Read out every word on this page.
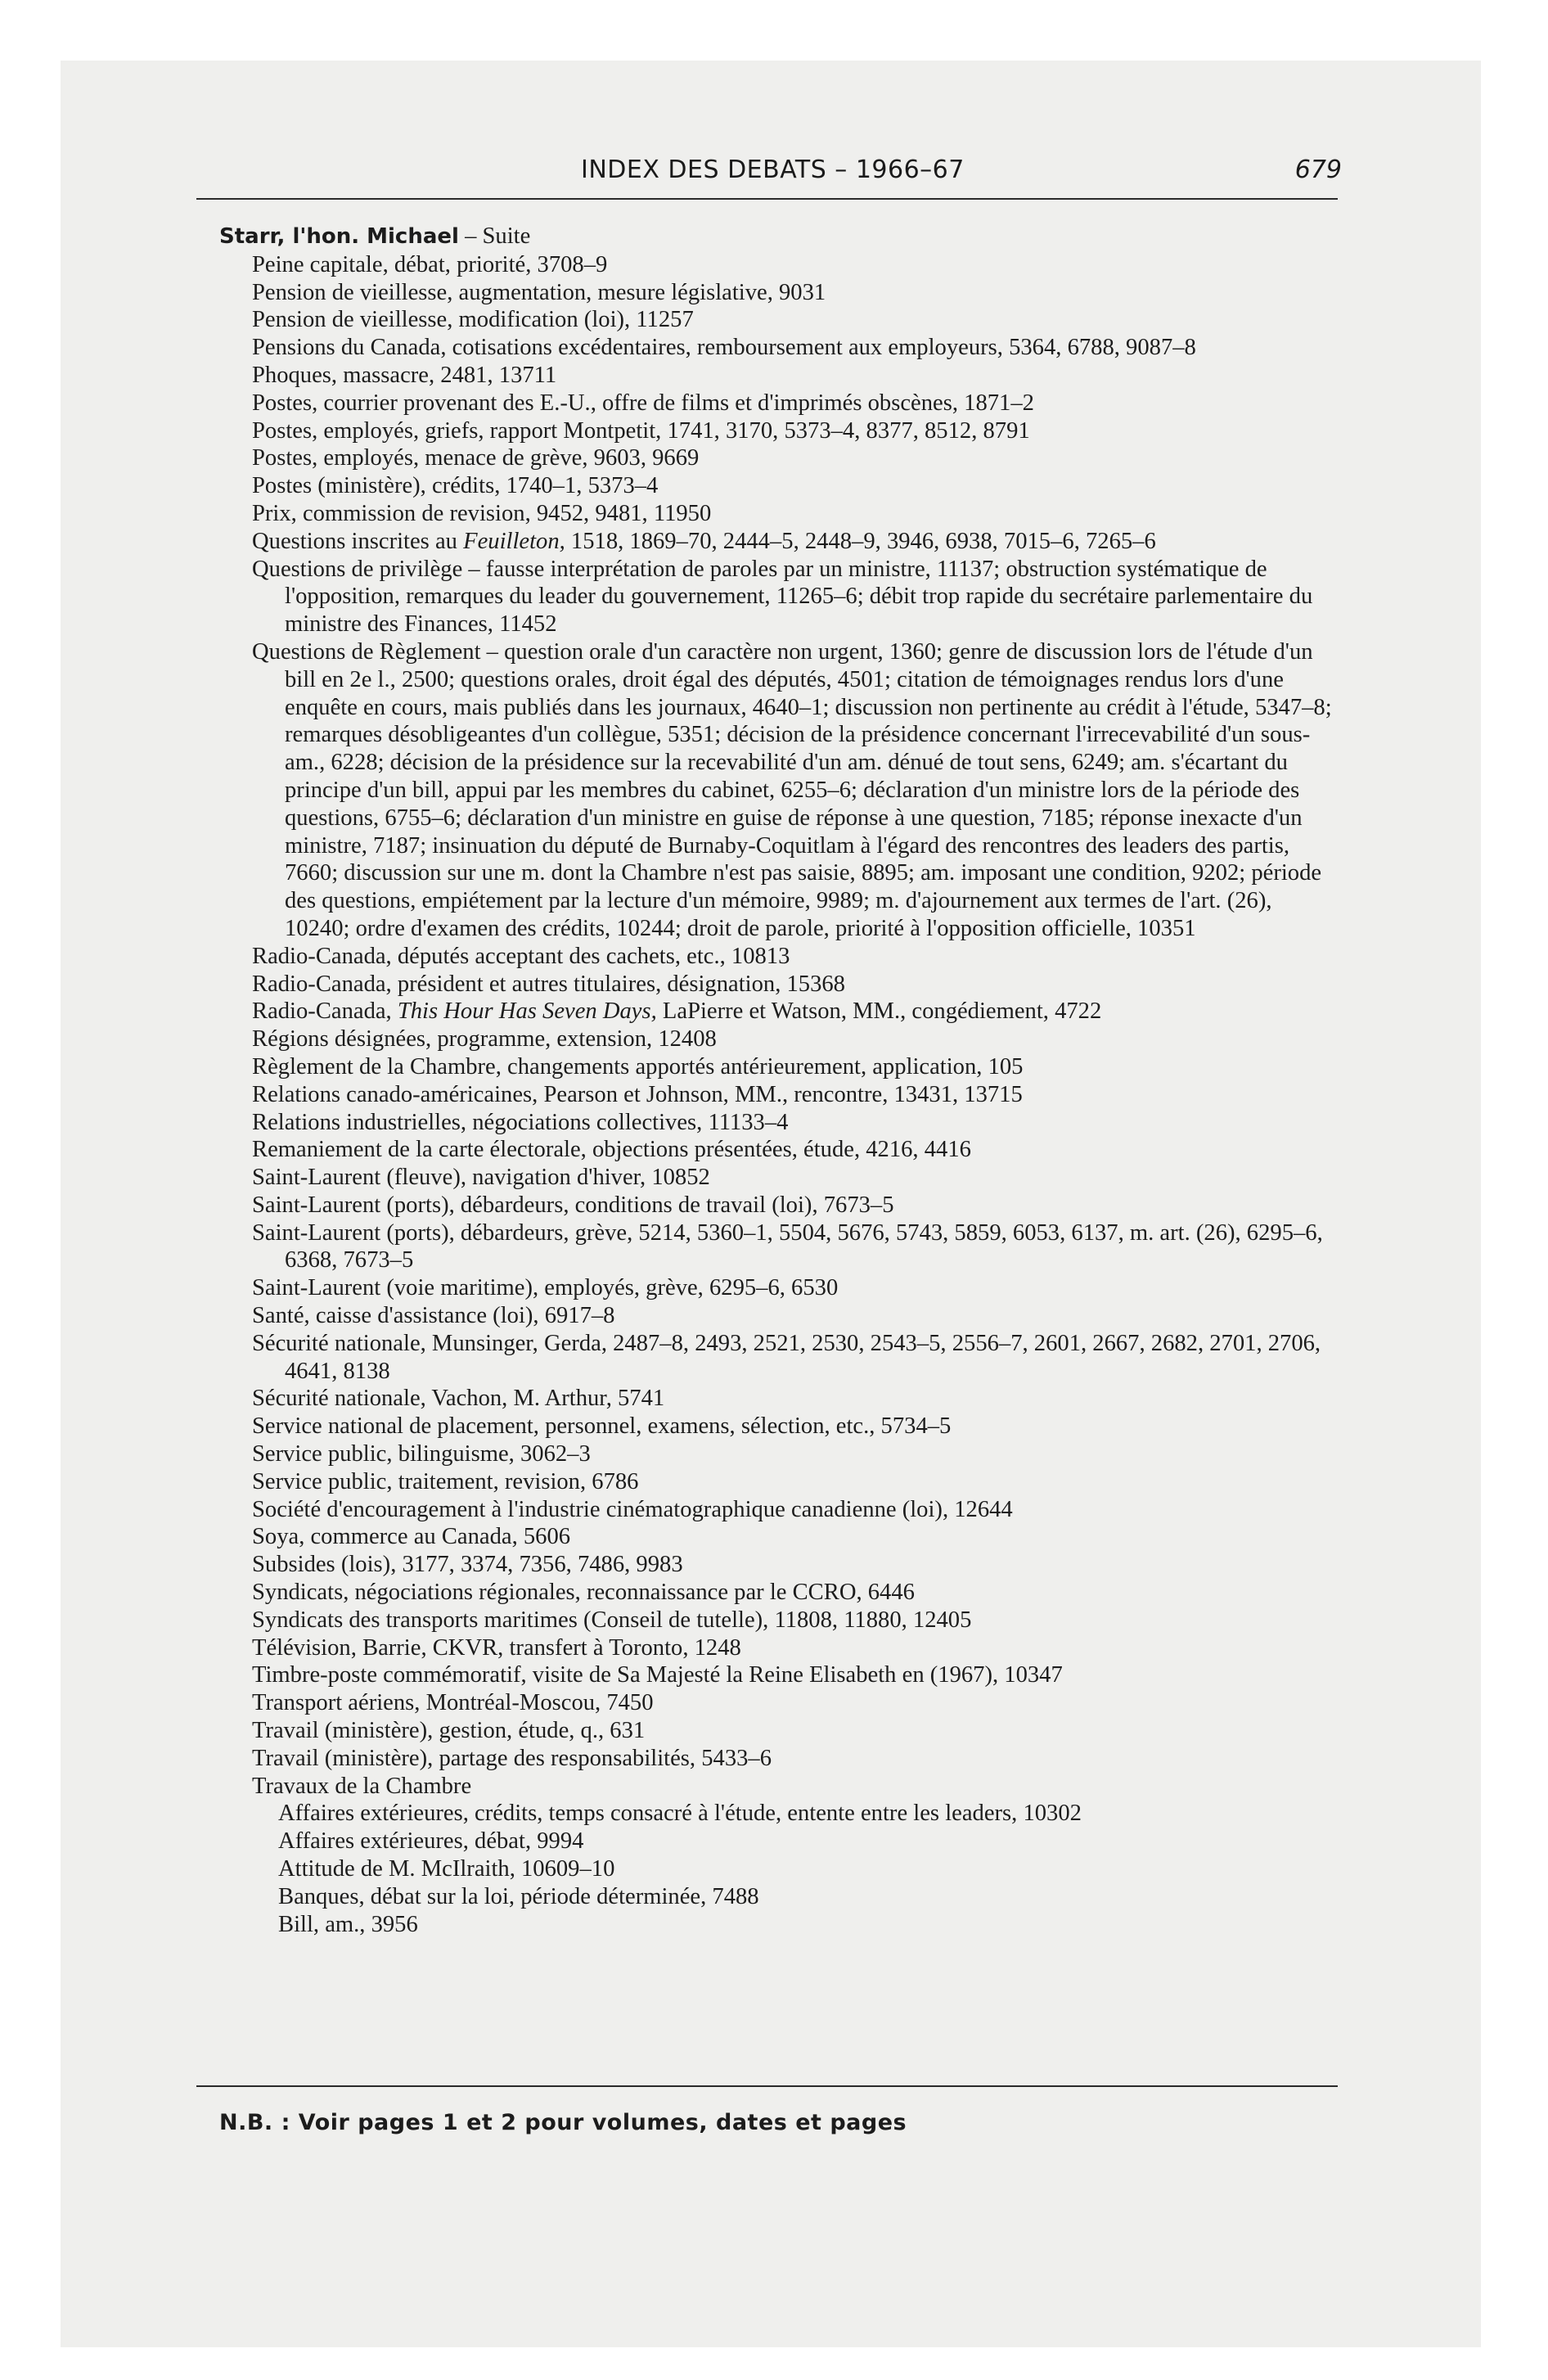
INDEX DES DEBATS – 1966–67	679
Starr, l'hon. Michael – Suite
Peine capitale, débat, priorité, 3708–9
Pension de vieillesse, augmentation, mesure législative, 9031
Pension de vieillesse, modification (loi), 11257
Pensions du Canada, cotisations excédentaires, remboursement aux employeurs, 5364, 6788, 9087–8
Phoques, massacre, 2481, 13711
Postes, courrier provenant des E.-U., offre de films et d'imprimés obscènes, 1871–2
Postes, employés, griefs, rapport Montpetit, 1741, 3170, 5373–4, 8377, 8512, 8791
Postes, employés, menace de grève, 9603, 9669
Postes (ministère), crédits, 1740–1, 5373–4
Prix, commission de revision, 9452, 9481, 11950
Questions inscrites au Feuilleton, 1518, 1869–70, 2444–5, 2448–9, 3946, 6938, 7015–6, 7265–6
Questions de privilège – fausse interprétation de paroles par un ministre, 11137; obstruction systématique de l'opposition, remarques du leader du gouvernement, 11265–6; débit trop rapide du secrétaire parlementaire du ministre des Finances, 11452
Questions de Règlement – question orale d'un caractère non urgent, 1360; genre de discussion lors de l'étude d'un bill en 2e l., 2500; questions orales, droit égal des députés, 4501; citation de témoignages rendus lors d'une enquête en cours, mais publiés dans les journaux, 4640–1; discussion non pertinente au crédit à l'étude, 5347–8; remarques désobligeantes d'un collègue, 5351; décision de la présidence concernant l'irrecevabilité d'un sous-am., 6228; décision de la présidence sur la recevabilité d'un am. dénué de tout sens, 6249; am. s'écartant du principe d'un bill, appui par les membres du cabinet, 6255–6; déclaration d'un ministre lors de la période des questions, 6755–6; déclaration d'un ministre en guise de réponse à une question, 7185; réponse inexacte d'un ministre, 7187; insinuation du député de Burnaby-Coquitlam à l'égard des rencontres des leaders des partis, 7660; discussion sur une m. dont la Chambre n'est pas saisie, 8895; am. imposant une condition, 9202; période des questions, empiétement par la lecture d'un mémoire, 9989; m. d'ajournement aux termes de l'art. (26), 10240; ordre d'examen des crédits, 10244; droit de parole, priorité à l'opposition officielle, 10351
Radio-Canada, députés acceptant des cachets, etc., 10813
Radio-Canada, président et autres titulaires, désignation, 15368
Radio-Canada, This Hour Has Seven Days, LaPierre et Watson, MM., congédiement, 4722
Régions désignées, programme, extension, 12408
Règlement de la Chambre, changements apportés antérieurement, application, 105
Relations canado-américaines, Pearson et Johnson, MM., rencontre, 13431, 13715
Relations industrielles, négociations collectives, 11133–4
Remaniement de la carte électorale, objections présentées, étude, 4216, 4416
Saint-Laurent (fleuve), navigation d'hiver, 10852
Saint-Laurent (ports), débardeurs, conditions de travail (loi), 7673–5
Saint-Laurent (ports), débardeurs, grève, 5214, 5360–1, 5504, 5676, 5743, 5859, 6053, 6137, m. art. (26), 6295–6, 6368, 7673–5
Saint-Laurent (voie maritime), employés, grève, 6295–6, 6530
Santé, caisse d'assistance (loi), 6917–8
Sécurité nationale, Munsinger, Gerda, 2487–8, 2493, 2521, 2530, 2543–5, 2556–7, 2601, 2667, 2682, 2701, 2706, 4641, 8138
Sécurité nationale, Vachon, M. Arthur, 5741
Service national de placement, personnel, examens, sélection, etc., 5734–5
Service public, bilinguisme, 3062–3
Service public, traitement, revision, 6786
Société d'encouragement à l'industrie cinématographique canadienne (loi), 12644
Soya, commerce au Canada, 5606
Subsides (lois), 3177, 3374, 7356, 7486, 9983
Syndicats, négociations régionales, reconnaissance par le CCRO, 6446
Syndicats des transports maritimes (Conseil de tutelle), 11808, 11880, 12405
Télévision, Barrie, CKVR, transfert à Toronto, 1248
Timbre-poste commémoratif, visite de Sa Majesté la Reine Elisabeth en (1967), 10347
Transport aériens, Montréal-Moscou, 7450
Travail (ministère), gestion, étude, q., 631
Travail (ministère), partage des responsabilités, 5433–6
Travaux de la Chambre
Affaires extérieures, crédits, temps consacré à l'étude, entente entre les leaders, 10302
Affaires extérieures, débat, 9994
Attitude de M. McIlraith, 10609–10
Banques, débat sur la loi, période déterminée, 7488
Bill, am., 3956
N.B. : Voir pages 1 et 2 pour volumes, dates et pages
